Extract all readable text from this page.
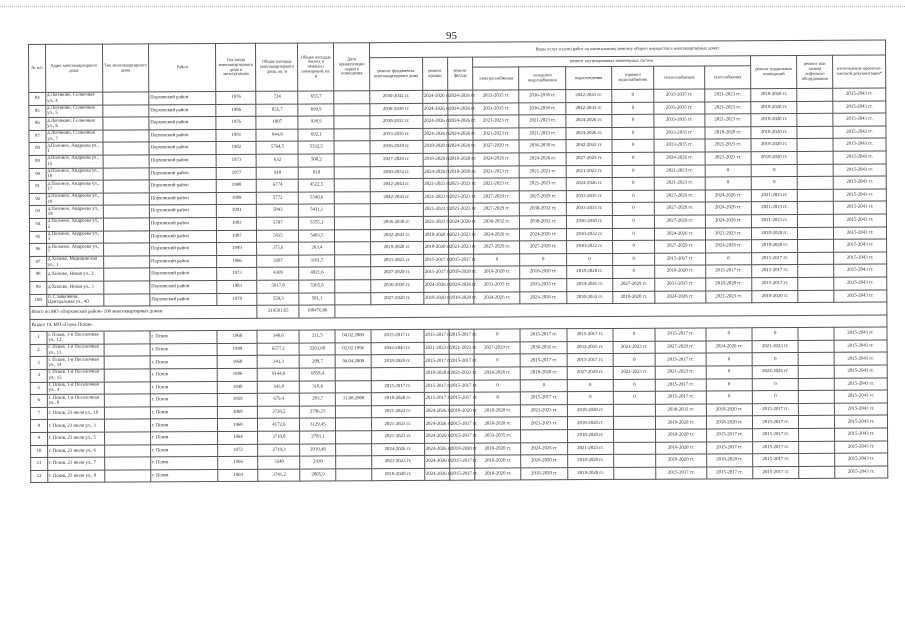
95
№ п/п	Адрес многоквартирного дома	Тип многоквартирного дома	Район	Год ввода многоквартирного дома в эксплуатацию	Общая площадь многоквартирного дома, кв. м	Общая площадь жилых и нежилых помещений, кв. м	Дата приватизации первого помещения	Виды услуг и (или) работ по капитальному ремонту общего имущества в многоквартирных домах											
								ремонт фундамента многоквартирного дома	ремонт крыши	ремонт фасада	ремонт внутридомовых инженерных систем						ремонт подвальных помещений	ремонт или замена лифтового оборудования	изготовление проектно-сметной документации*
											электроснабжения	холодного водоснабжения	водоотведения	горячего водоснабжения	теплоснабжения	газоснабжения			
84	д.Логиново, Солнечная ул., 4		Порховский район	1976	724	655,7		2030-2032 гг.	2024-2026 гг.	2024-2026 гг.	2033-2035 гг.	2036-2038 гг.	2042-2043 гг.	0	2033-2035 гг.	2021-2023 гг.	2018-2020 гг.		2015-2043 гг.
85	д.Логиново, Солнечная ул., 5		Порховский район	1986	851,7	699,9		2036-2038 гг.	2024-2026 гг.	2024-2026 гг.	2033-2035 гг.	2036-2038 гг.	2042-2043 гг.	0	2033-2035 гг.	2021-2023 гг.	2018-2020 гг.		2015-2043 гг.
86	д.Логиново, Солнечная ул., 6		Порховский район	1976	1007	938,9		2030-2032 гг.	2024-2026 гг.	2024-2026 гг.	2021-2023 гг.	2021-2023 гг.	2024-2026 гг.	0	2033-2035 гг.	2021-2023 гг.	2018-2020 гг.		2015-2043 гг.
87	д.Логиново, Солнечная ул., 7		Порховский район	1981	844,8	692,1		2033-2035 гг.	2024-2026 гг.	2024-2026 гг.	2021-2023 гг.	2021-2023 гг.	2024-2026 гг.	0	2033-2035 гг.	2018-2020 гг.	2018-2020 гг.		2015-2043 гг.
88	д.Полоное, Андреева ул., 1		Порховский район	1982	5764,5	5332,5		2036-2038 гг.	2018-2020 гг.	2024-2026 гг.	2027-2029 гг.	2036-2038 гг.	2042-2043 гг.	0	2033-2035 гг.	2021-2023 гг.	2018-2020 гг.		2015-2043 гг.
89	д.Полоное, Андреева ул., 15		Порховский район	1973	632	500,2		2027-2029 гг.	2018-2020 гг.	2018-2020 гг.	2024-2026 гг.	2024-2026 гг.	2027-2029 гг.	0	2024-2026 гг.	2021-2023 гг.	2018-2020 гг.		2015-2043 гг.
90	д.Полоное, Андреева ул., 16		Порховский район	1977	918	810		2030-2032 гг.	2024-2026 гг.	2018-2020 гг.	2021-2023 гг.	2021-2023 гг.	2021-2023 гг.	0	2021-2023 гг.	0	0		2015-2043 гг.
91	д.Полоное, Андреева ул., 17		Порховский район	1988	6774	4522,5		2042-2043 гг.	2021-2023 гг.	2021-2023 гг.	2021-2023 гг.	2021-2023 гг.	2024-2026 гг.	0	2021-2023 гг.	0	0		2015-2043 гг.
92	д.Полоное, Андреева ул., 18		Порховский район	1989	5772	5340,6		2042-2043 гг.	2021-2023 гг.	2021-2023 гг.	2027-2029 гг.	2027-2029 гг.	2033-2035 гг.	0	2027-2029 гг.	2024-2026 гг.	2021-2023 гг.		2015-2043 гг.
93	д.Полоное, Андреева ул., 19		Порховский район	1991	5843	5411,1			2021-2023 гг.	2021-2023 гг.	2027-2029 гг.	2030-2032 гг.	2033-2035 гг.	0	2027-2029 гг.	2024-2026 гг.	2021-2023 гг.		2015-2043 гг.
94	д.Полоное, Андреева ул., 2		Порховский район	1983	5787	5355,1		2036-2038 гг.	2021-2023 гг.	2024-2026 гг.	2030-2032 гг.	2030-2032 гг.	2036-2038 гг.	0	2027-2029 гг.	2024-2026 гг.	2021-2023 гг.		2015-2043 гг.
95	д.Полоное, Андреева ул., 3		Порховский район	1987	5835	5403,5		2042-2043 гг.	2018-2020 гг.	2021-2023 гг.	2024-2026 гг.	2024-2026 гг.	2030-2032 гг.	0	2024-2026 гг.	2021-2023 гг.	2018-2020 гг.		2015-2043 гг.
96	д.Полоное, Андреева ул., 7		Порховский район	1949	375,6	263,4		2018-2020 гг.	2018-2020 гг.	2021-2023 гг.	2027-2029 гг.	2027-2029 гг.	2030-2032 гг.	0	2027-2029 гг.	2024-2026 гг.	2018-2020 гг.		2015-2043 гг.
97	д.Хилово, Медицинская ул., 1		Порховский район	1966	3287	3101,7		2021-2023 гг.	2015-2017 гг.	2015-2017 гг.	0	0	0	0	2015-2017 гг.	0	2015-2017 гг.		2015-2043 гг.
98	д.Хилово, Новая ул., 2		Порховский район	1973	4309	4021,6		2027-2029 гг.	2015-2017 гг.	2018-2020 гг.	2018-2020 гг.	2018-2020 гг.	2018-2020 гг.	0	2018-2020 гг.	2015-2017 гг.	2015-2017 гг.		2015-2043 гг.
99	д.Хилово, Новая ул., 3		Порховский район	1983	5817,8	5365,8		2036-2038 гг.	2024-2026 гг.	2024-2026 гг.	2033-2035 гг.	2033-2035 гг.	2039-2041 гг.	2027-2029 гг.	2033-2035 гг.	2018-2020 гг.	2015-2017 гг.		2015-2043 гг.
100	п. Славковичи, Центральная ул., 40		Порховский район	1970	550,3	501,1		2027-2029 гг.	2018-2020 гг.	2018-2020 гг.	2024-2026 гг.	2024-2026 гг.	2030-2032 гг.	2018-2020 гг.	2024-2026 гг.	2021-2023 гг.	2018-2020 гг.		2015-2043 гг.
Итого по МО «Порховский район» 100 многоквартирных домов					219581,65	198476,06													
Раздел 19. МО «Город Псков»																			
1	г. Псков, 1-я Поселочная ул., 12		г. Псков	1960	340,6	211,5	04.02.2000	2015-2017 гг.	2015-2017 гг.	2015-2017 гг.	0	2015-2017 гг.	2015-2017 гг.	0	2015-2017 гг.	0	0		2015-2043 гг.
2	г. Псков, 1-я Поселочная ул., 13		г. Псков	1989	6577,1	5261,68	02.02.1996	2042-2043 гг.	2021-2023 гг.	2021-2023 гг.	2027-2029 гг.	2030-2032 гг.	2033-2035 гг.	2021-2023 гг.	2027-2029 гг.	2024-2026 гг.	2021-2023 гг.		2015-2043 гг.
3	г. Псков, 1-я Поселочная ул., 14		г. Псков	1960	341,3	209,7	04.04.2000	2018-2020 гг.	2015-2017 гг.	2015-2017 гг.	0	2015-2017 гг.	2015-2017 гг.	0	2015-2017 гг.	0	0		2015-2043 гг.
4	г. Псков, 1-я Поселочная ул., 15		г. Псков	1986	9144,6	6858,4			2018-2020 гг.	2021-2023 гг.	2024-2026 гг.	2018-2020 гг.	2027-2029 гг.	2021-2023 гг.	2021-2023 гг.	0	2024-2026 гг.		2015-2043 гг.
5	г. Псков, 1-я Поселочная ул., 4		г. Псков	1940	343,8	318,6		2015-2017 гг.	2015-2017 гг.	2015-2017 гг.	0	0	0	0	2015-2017 гг.	0	0		2015-2043 гг.
6	г. Псков, 1-я Поселочная ул., 8		г. Псков	1959	679,4	283,7	31.08.2000	2018-2020 гг.	2015-2017 гг.	2015-2017 гг.	0	2015-2017 гг.	0	0	2015-2017 гг.	0	0		2015-2043 гг.
7	г. Псков, 23 июля ул., 1б		г. Псков	1969	3728,2	2796,15		2021-2023 гг.	2024-2026 гг.	2018-2020 гг.	2018-2020 гг.	2021-2023 гг.	2018-2020 гг.		2030-2032 гг.	2018-2020 гг.	2015-2017 гг.		2015-2043 гг.
8	г. Псков, 23 июля ул., 3		г. Псков	1968	4172,6	3129,45		2021-2023 гг.	2024-2026 гг.	2015-2017 гг.	2018-2020 гг.	2021-2023 гг.	2018-2020 гг.		2018-2020 гг.	2018-2020 гг.	2015-2017 гг.		2015-2043 гг.
9	г. Псков, 23 июля ул., 5		г. Псков	1964	3710,8	2783,1		2021-2023 гг.	2024-2026 гг.	2015-2017 гг.	2033-2035 гг.		2018-2020 гг.		2018-2020 гг.	2015-2017 гг.	2015-2017 гг.		2015-2043 гг.
10	г. Псков, 23 июля ул., 6		г. Псков	1972	2719,3	2039,48		2024-2026 гг.	2024-2026 гг.	2018-2020 гг.	2018-2020 гг.	2024-2026 гг.	2021-2023 гг.		2018-2020 гг.	2015-2017 гг.	2015-2017 гг.		2015-2043 гг.
11	г. Псков, 23 июля ул., 7		г. Псков	1966	3240	2430		2021-2023 гг.	2024-2026 гг.	2015-2017 гг.	2018-2020 гг.	2018-2020 гг.	2018-2020 гг.		2018-2020 гг.	2018-2020 гг.	2015-2017 гг.		2015-2043 гг.
12	г. Псков, 23 июля ул., 8		г. Псков	1964	3741,2	2805,9		2018-2020 гг.	2024-2026 гг.	2015-2017 гг.	2018-2020 гг.	2018-2020 гг.	2018-2020 гг.		2015-2017 гг.	2015-2017 гг.	2015-2017 гг.		2015-2043 гг.
